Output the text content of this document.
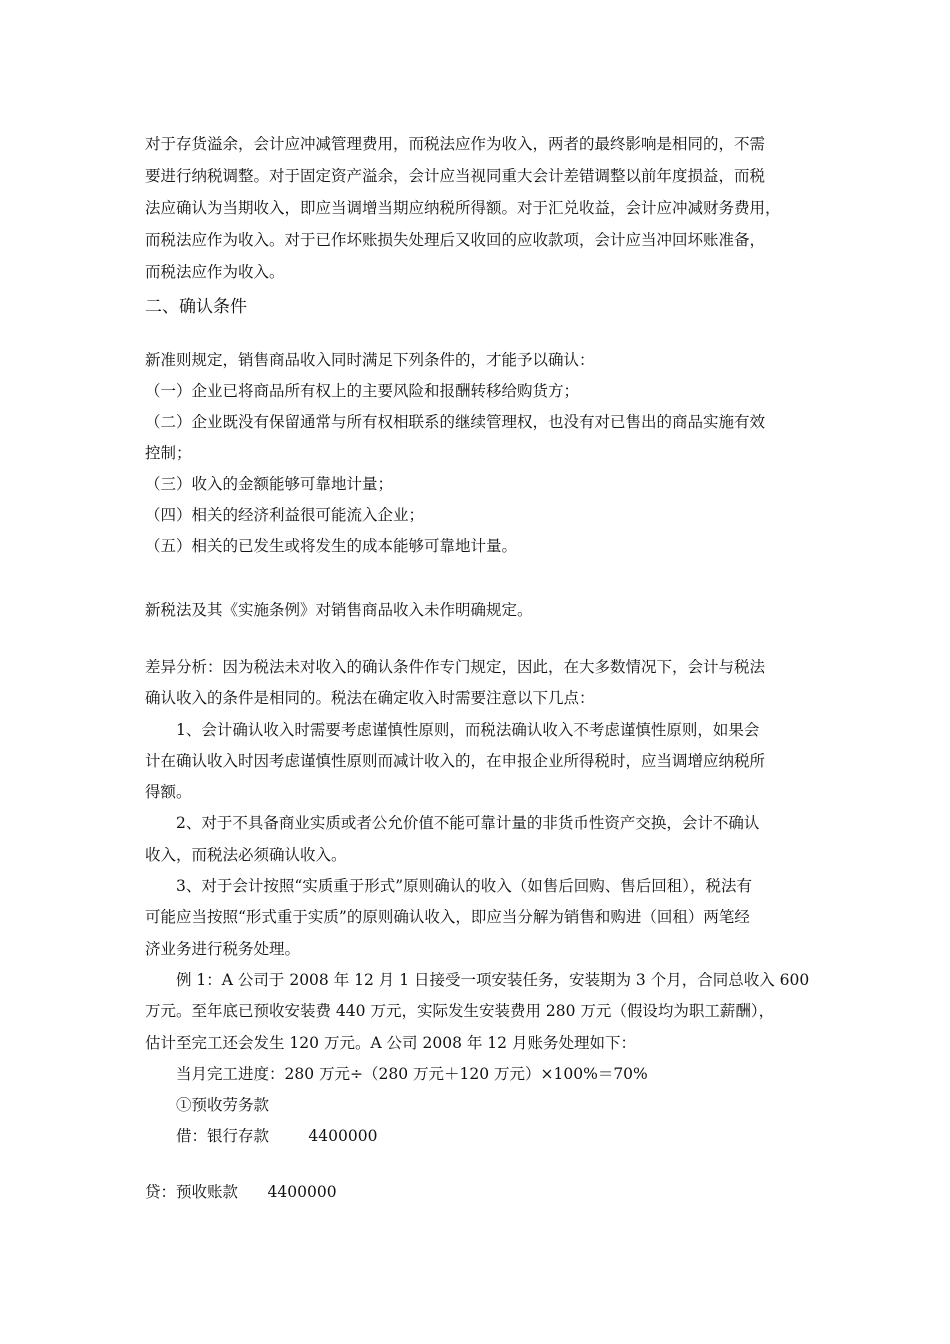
对于存货溢余，会计应冲减管理费用，而税法应作为收入，两者的最终影响是相同的，不需
要进行纳税调整。对于固定资产溢余，会计应当视同重大会计差错调整以前年度损益，而税
法应确认为当期收入，即应当调增当期应纳税所得额。对于汇兑收益，会计应冲减财务费用，
而税法应作为收入。对于已作坏账损失处理后又收回的应收款项，会计应当冲回坏账准备，
而税法应作为收入。
二、确认条件
新准则规定，销售商品收入同时满足下列条件的，才能予以确认：
（一）企业已将商品所有权上的主要风险和报酬转移给购货方；
（二）企业既没有保留通常与所有权相联系的继续管理权，也没有对已售出的商品实施有效
控制；
（三）收入的金额能够可靠地计量；
（四）相关的经济利益很可能流入企业；
（五）相关的已发生或将发生的成本能够可靠地计量。
新税法及其《实施条例》对销售商品收入未作明确规定。
差异分析：因为税法未对收入的确认条件作专门规定，因此，在大多数情况下，会计与税法
确认收入的条件是相同的。税法在确定收入时需要注意以下几点：
1、会计确认收入时需要考虑谨慎性原则，而税法确认收入不考虑谨慎性原则，如果会
计在确认收入时因考虑谨慎性原则而减计收入的，在申报企业所得税时，应当调增应纳税所
得额。
2、对于不具备商业实质或者公允价值不能可靠计量的非货币性资产交换，会计不确认
收入，而税法必须确认收入。
3、对于会计按照“实质重于形式”原则确认的收入（如售后回购、售后回租），税法有
可能应当按照“形式重于实质”的原则确认收入，即应当分解为销售和购进（回租）两笔经
济业务进行税务处理。
例 1：A 公司于 2008 年 12 月 1 日接受一项安装任务，安装期为 3 个月，合同总收入 600
万元。至年底已预收安装费 440 万元，实际发生安装费用 280 万元（假设均为职工薪酬），
估计至完工还会发生 120 万元。A 公司 2008 年 12 月账务处理如下：
当月完工进度：280 万元÷（280 万元＋120 万元）×100%＝70%
①预收劳务款
借：银行存款        4400000
贷：预收账款      4400000
